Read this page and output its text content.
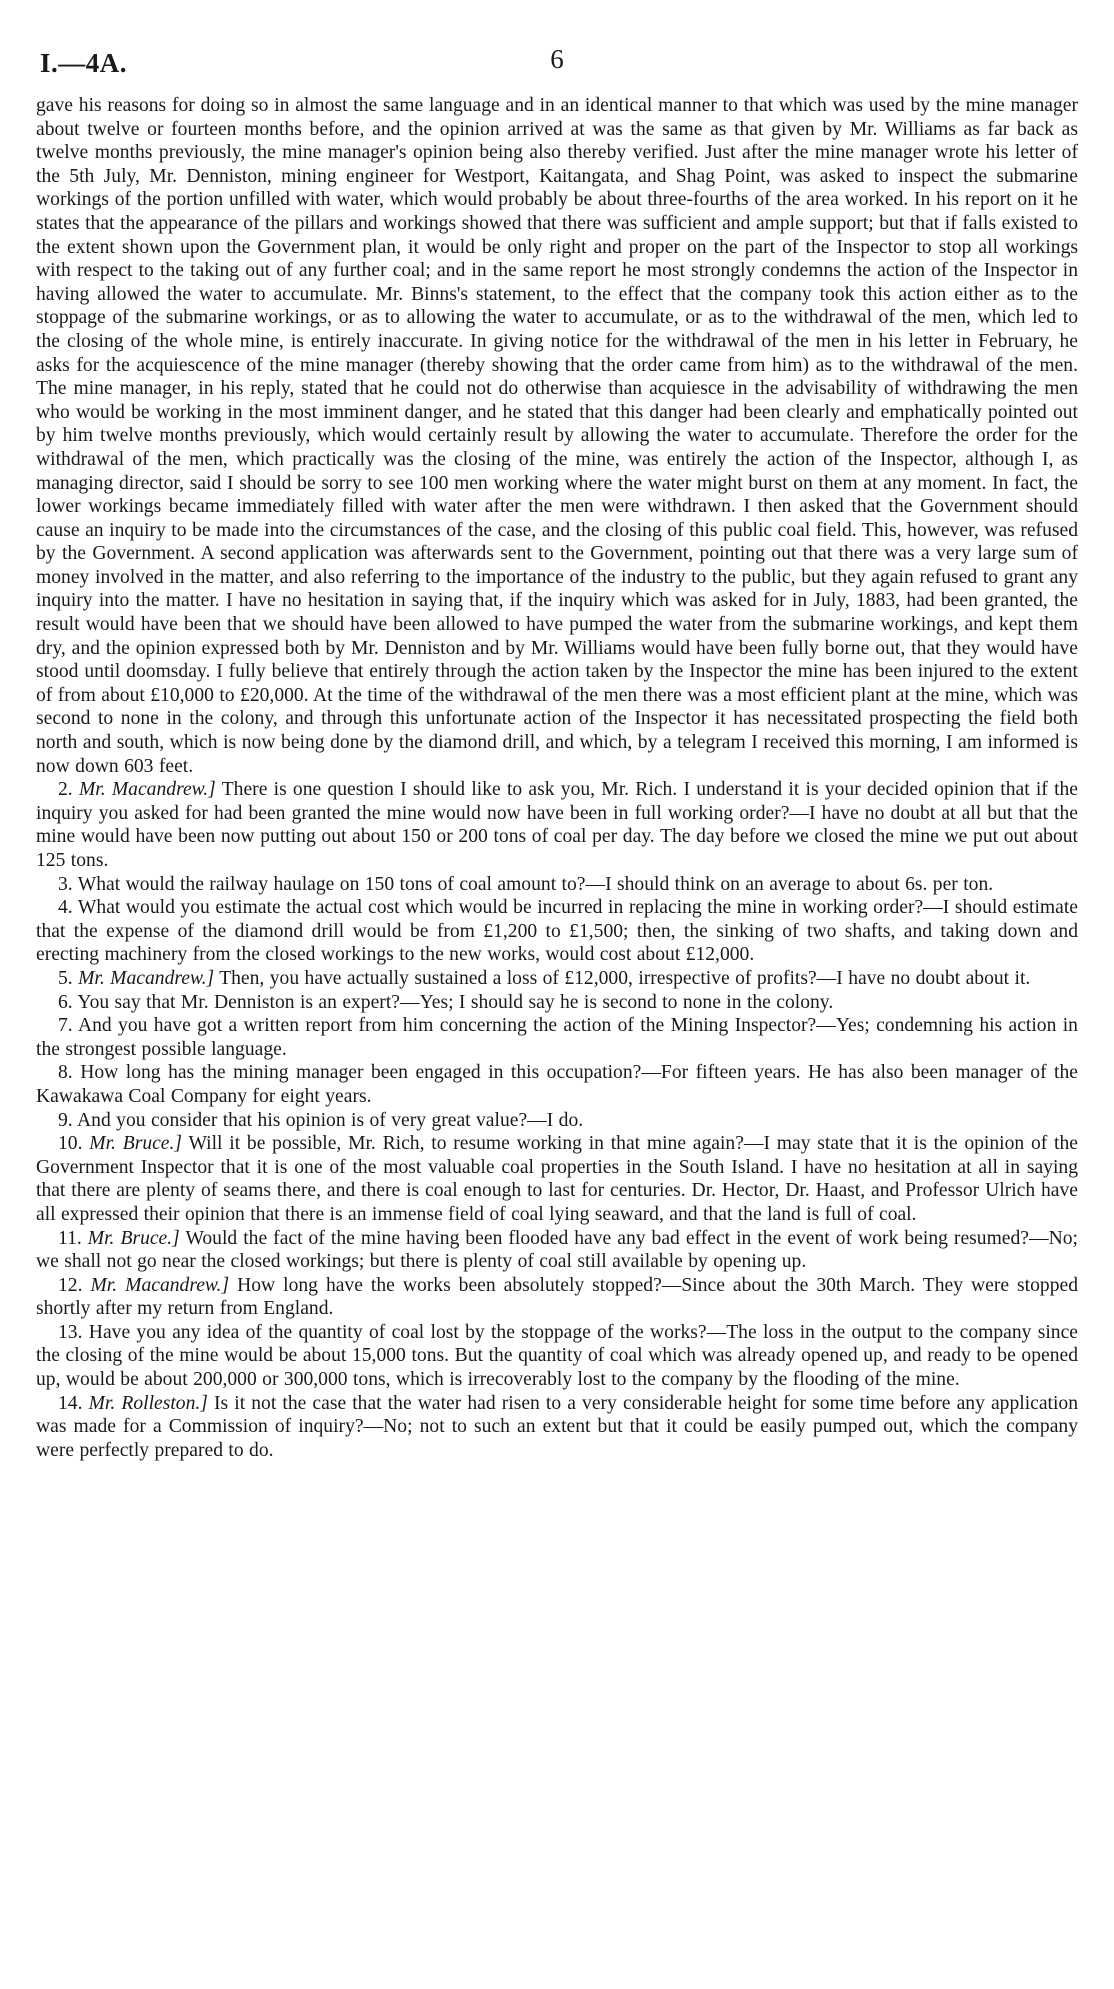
I.—4A.	6

gave his reasons for doing so in almost the same language and in an identical manner to that which was used by the mine manager about twelve or fourteen months before, and the opinion arrived at was the same as that given by Mr. Williams as far back as twelve months previously, the mine manager's opinion being also thereby verified. Just after the mine manager wrote his letter of the 5th July, Mr. Denniston, mining engineer for Westport, Kaitangata, and Shag Point, was asked to inspect the submarine workings of the portion unfilled with water, which would probably be about three-fourths of the area worked. In his report on it he states that the appearance of the pillars and workings showed that there was sufficient and ample support; but that if falls existed to the extent shown upon the Government plan, it would be only right and proper on the part of the Inspector to stop all workings with respect to the taking out of any further coal; and in the same report he most strongly condemns the action of the Inspector in having allowed the water to accumulate. Mr. Binns's statement, to the effect that the company took this action either as to the stoppage of the submarine workings, or as to allowing the water to accumulate, or as to the withdrawal of the men, which led to the closing of the whole mine, is entirely inaccurate. In giving notice for the withdrawal of the men in his letter in February, he asks for the acquiescence of the mine manager (thereby showing that the order came from him) as to the withdrawal of the men. The mine manager, in his reply, stated that he could not do otherwise than acquiesce in the advisability of withdrawing the men who would be working in the most imminent danger, and he stated that this danger had been clearly and emphatically pointed out by him twelve months previously, which would certainly result by allowing the water to accumulate. Therefore the order for the withdrawal of the men, which practically was the closing of the mine, was entirely the action of the Inspector, although I, as managing director, said I should be sorry to see 100 men working where the water might burst on them at any moment. In fact, the lower workings became immediately filled with water after the men were withdrawn. I then asked that the Government should cause an inquiry to be made into the circumstances of the case, and the closing of this public coal field. This, however, was refused by the Government. A second application was afterwards sent to the Government, pointing out that there was a very large sum of money involved in the matter, and also referring to the importance of the industry to the public, but they again refused to grant any inquiry into the matter. I have no hesitation in saying that, if the inquiry which was asked for in July, 1883, had been granted, the result would have been that we should have been allowed to have pumped the water from the submarine workings, and kept them dry, and the opinion expressed both by Mr. Denniston and by Mr. Williams would have been fully borne out, that they would have stood until doomsday. I fully believe that entirely through the action taken by the Inspector the mine has been injured to the extent of from about £10,000 to £20,000. At the time of the withdrawal of the men there was a most efficient plant at the mine, which was second to none in the colony, and through this unfortunate action of the Inspector it has necessitated prospecting the field both north and south, which is now being done by the diamond drill, and which, by a telegram I received this morning, I am informed is now down 603 feet.

2. Mr. Macandrew.] There is one question I should like to ask you, Mr. Rich. I understand it is your decided opinion that if the inquiry you asked for had been granted the mine would now have been in full working order?—I have no doubt at all but that the mine would have been now putting out about 150 or 200 tons of coal per day. The day before we closed the mine we put out about 125 tons.

3. What would the railway haulage on 150 tons of coal amount to?—I should think on an average to about 6s. per ton.

4. What would you estimate the actual cost which would be incurred in replacing the mine in working order?—I should estimate that the expense of the diamond drill would be from £1,200 to £1,500; then, the sinking of two shafts, and taking down and erecting machinery from the closed workings to the new works, would cost about £12,000.

5. Mr. Macandrew.] Then, you have actually sustained a loss of £12,000, irrespective of profits?—I have no doubt about it.

6. You say that Mr. Denniston is an expert?—Yes; I should say he is second to none in the colony.

7. And you have got a written report from him concerning the action of the Mining Inspector?—Yes; condemning his action in the strongest possible language.

8. How long has the mining manager been engaged in this occupation?—For fifteen years. He has also been manager of the Kawakawa Coal Company for eight years.

9. And you consider that his opinion is of very great value?—I do.

10. Mr. Bruce.] Will it be possible, Mr. Rich, to resume working in that mine again?—I may state that it is the opinion of the Government Inspector that it is one of the most valuable coal properties in the South Island. I have no hesitation at all in saying that there are plenty of seams there, and there is coal enough to last for centuries. Dr. Hector, Dr. Haast, and Professor Ulrich have all expressed their opinion that there is an immense field of coal lying seaward, and that the land is full of coal.

11. Mr. Bruce.] Would the fact of the mine having been flooded have any bad effect in the event of work being resumed?—No; we shall not go near the closed workings; but there is plenty of coal still available by opening up.

12. Mr. Macandrew.] How long have the works been absolutely stopped?—Since about the 30th March. They were stopped shortly after my return from England.

13. Have you any idea of the quantity of coal lost by the stoppage of the works?—The loss in the output to the company since the closing of the mine would be about 15,000 tons. But the quantity of coal which was already opened up, and ready to be opened up, would be about 200,000 or 300,000 tons, which is irrecoverably lost to the company by the flooding of the mine.

14. Mr. Rolleston.] Is it not the case that the water had risen to a very considerable height for some time before any application was made for a Commission of inquiry?—No; not to such an extent but that it could be easily pumped out, which the company were perfectly prepared to do.
